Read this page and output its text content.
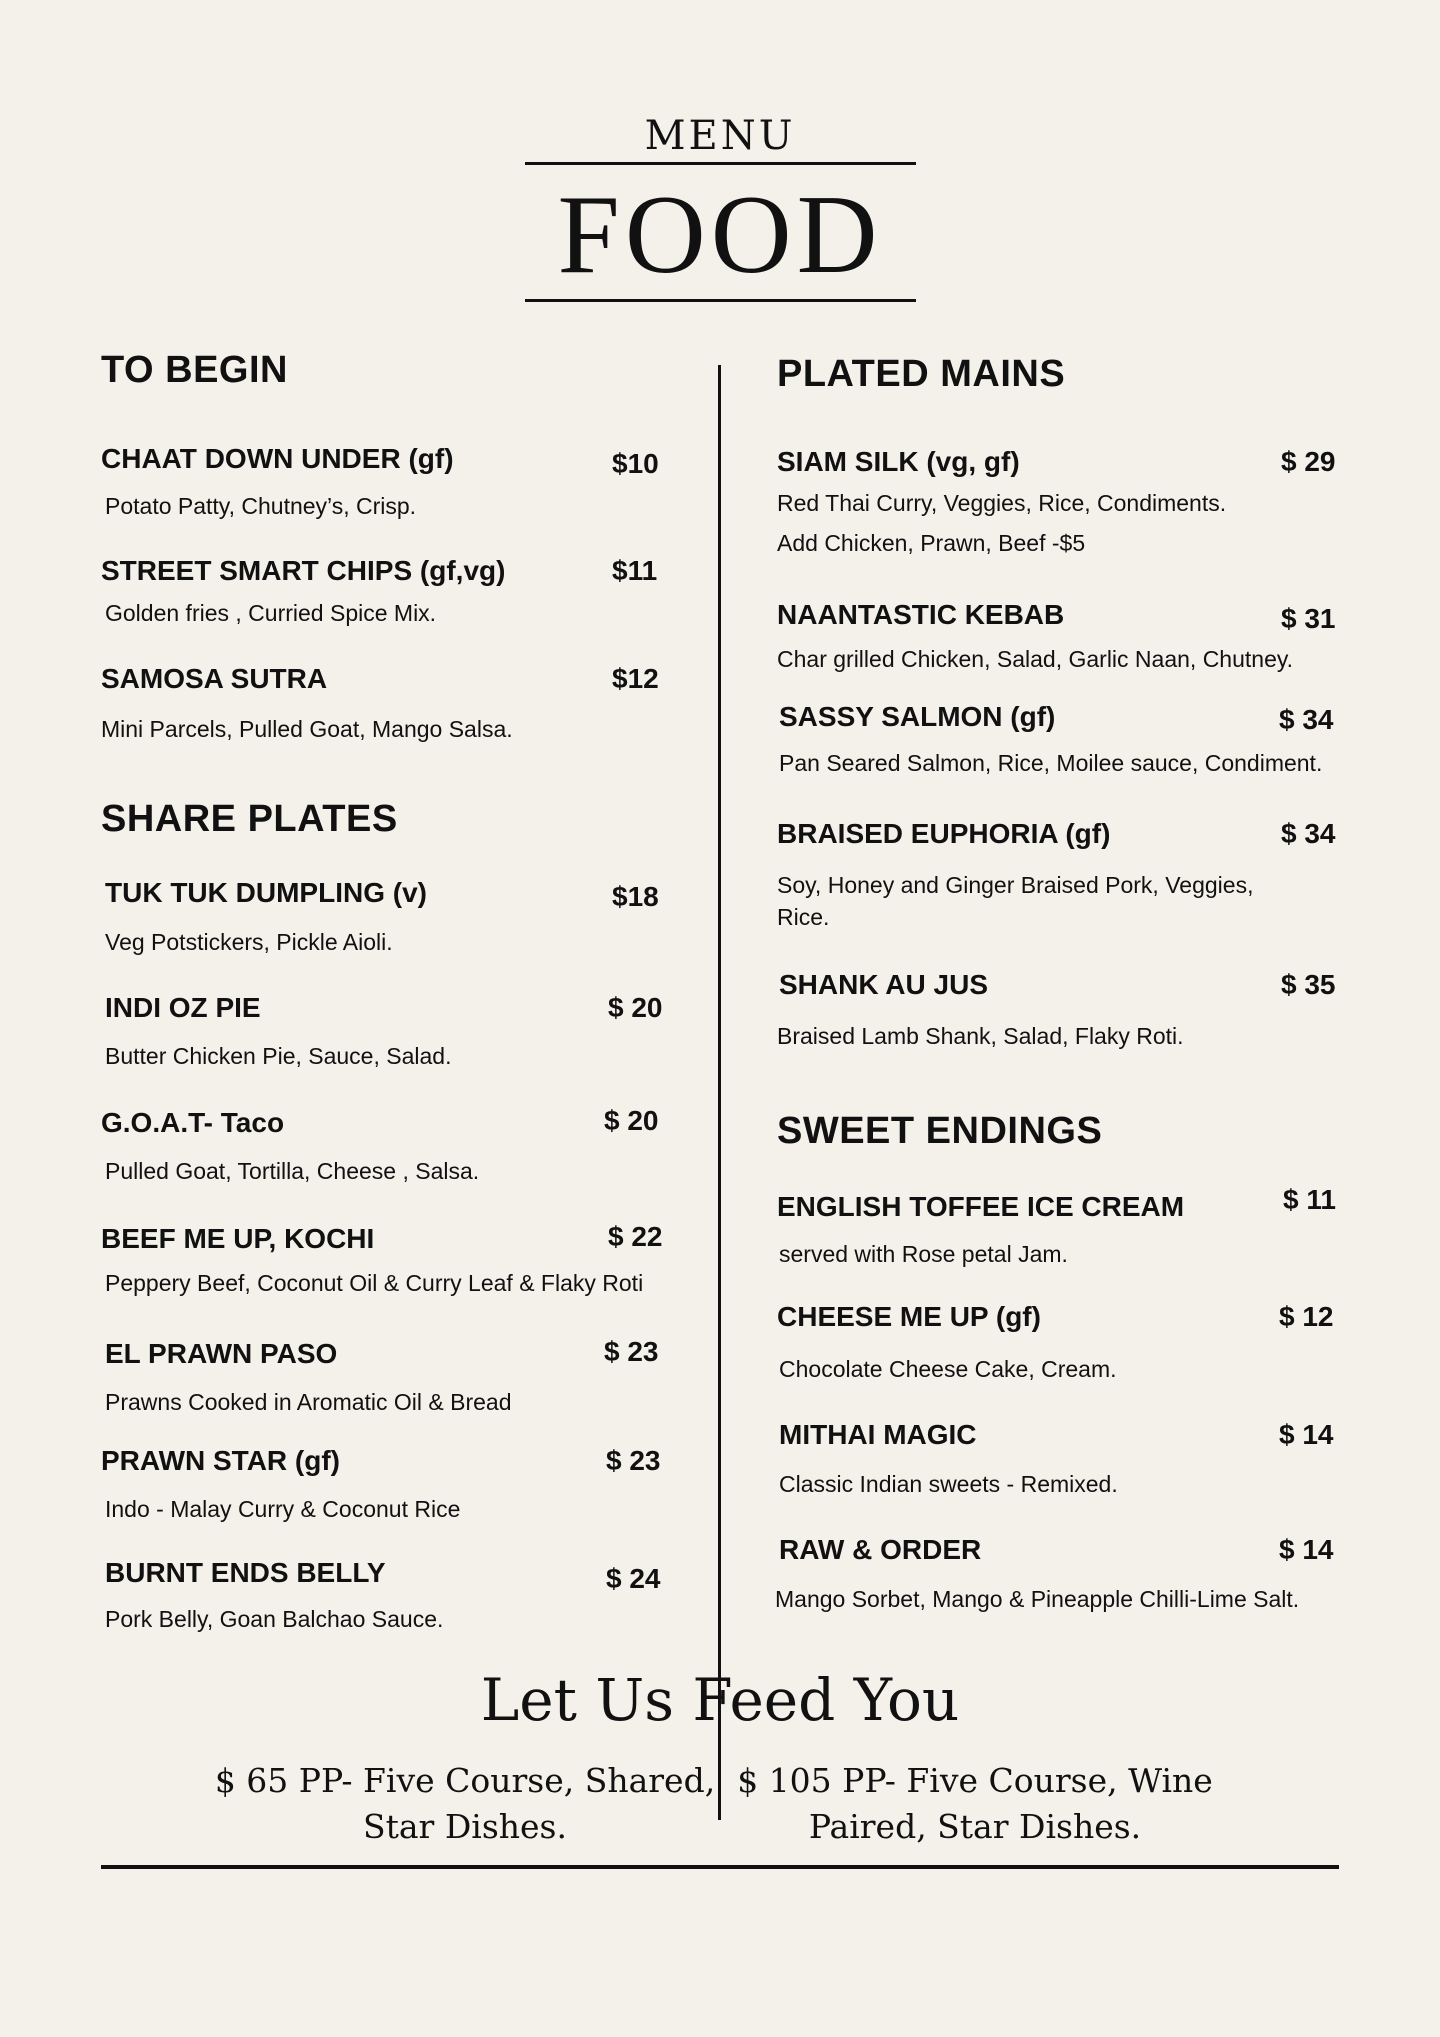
MENU
FOOD
TO BEGIN
CHAAT DOWN UNDER (gf)	$10
Potato Patty, Chutney’s, Crisp.
STREET SMART CHIPS (gf,vg)	$11
Golden fries , Curried Spice Mix.
SAMOSA SUTRA	$12
Mini Parcels, Pulled Goat, Mango Salsa.
SHARE PLATES
TUK TUK DUMPLING (v)	$18
Veg Potstickers, Pickle Aioli.
INDI OZ PIE	$ 20
Butter Chicken Pie, Sauce, Salad.
G.O.A.T- Taco	$ 20
Pulled Goat, Tortilla, Cheese , Salsa.
BEEF ME UP, KOCHI	$ 22
Peppery Beef, Coconut Oil & Curry Leaf & Flaky Roti
EL PRAWN PASO	$ 23
Prawns Cooked in Aromatic Oil & Bread
PRAWN STAR (gf)	$ 23
Indo - Malay Curry & Coconut Rice
BURNT ENDS BELLY	$ 24
Pork Belly, Goan Balchao Sauce.
PLATED MAINS
SIAM SILK (vg, gf)	$ 29
Red Thai Curry, Veggies, Rice, Condiments.
Add Chicken, Prawn, Beef -$5
NAANTASTIC KEBAB	$ 31
Char grilled Chicken, Salad, Garlic Naan, Chutney.
SASSY SALMON (gf)	$ 34
Pan Seared Salmon, Rice, Moilee sauce, Condiment.
BRAISED EUPHORIA (gf)	$ 34
Soy, Honey and Ginger Braised Pork, Veggies, Rice.
SHANK AU JUS	$ 35
Braised Lamb Shank, Salad, Flaky Roti.
SWEET ENDINGS
ENGLISH TOFFEE ICE CREAM	$ 11
served with Rose petal Jam.
CHEESE ME UP (gf)	$ 12
Chocolate Cheese Cake, Cream.
MITHAI MAGIC	$ 14
Classic Indian sweets - Remixed.
RAW & ORDER	$ 14
Mango Sorbet, Mango & Pineapple Chilli-Lime Salt.
Let Us Feed You
$ 65 PP- Five Course, Shared,
Star Dishes.
$ 105 PP- Five Course, Wine
Paired, Star Dishes.
